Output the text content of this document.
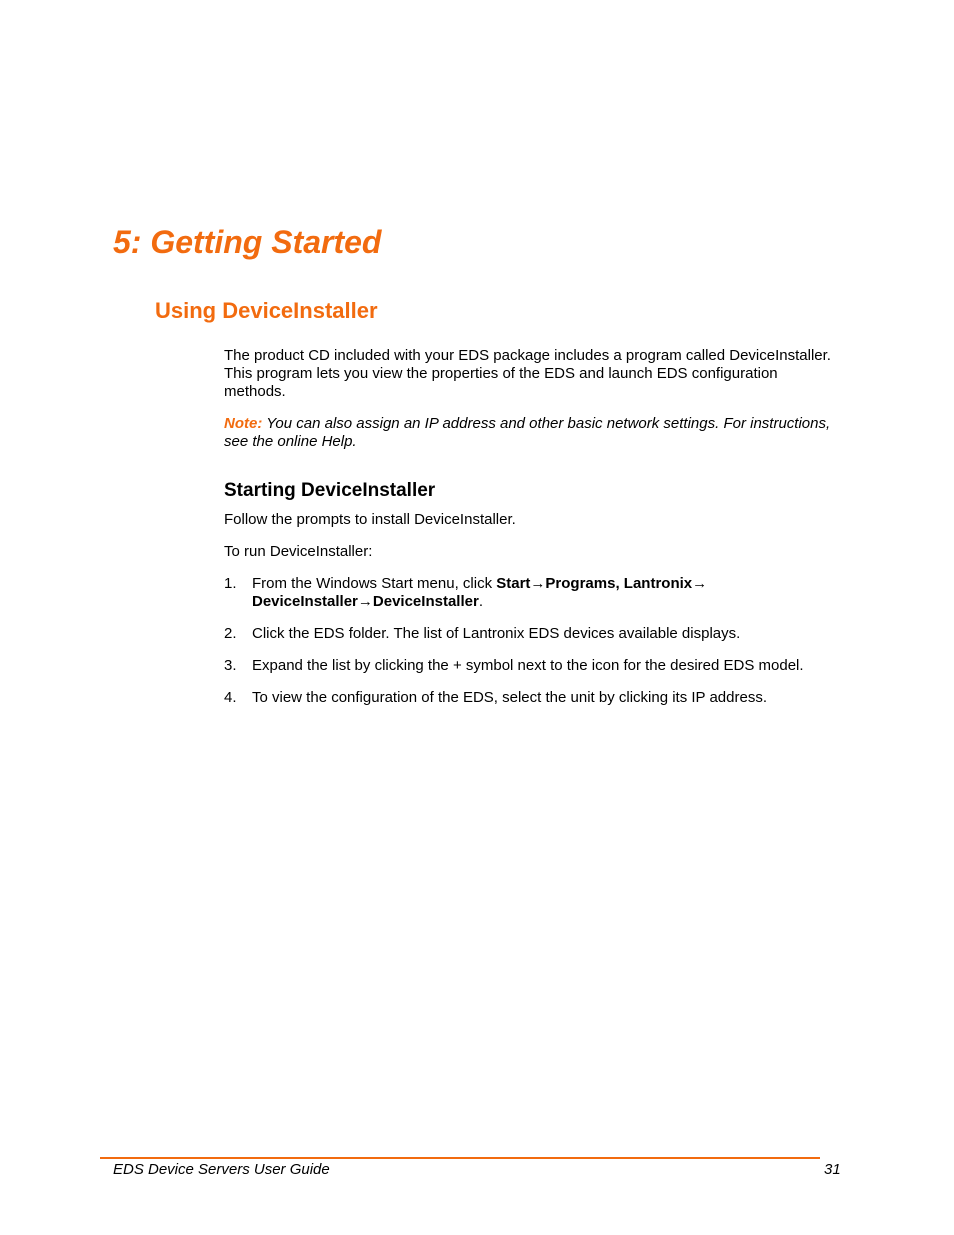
5: Getting Started
Using DeviceInstaller

The product CD included with your EDS package includes a program called DeviceInstaller. This program lets you view the properties of the EDS and launch EDS configuration methods.

Note: You can also assign an IP address and other basic network settings. For instructions, see the online Help.

Starting DeviceInstaller

Follow the prompts to install DeviceInstaller.

To run DeviceInstaller:

1. From the Windows Start menu, click Start→Programs, Lantronix→
DeviceInstaller→DeviceInstaller.
2. Click the EDS folder. The list of Lantronix EDS devices available displays.
3. Expand the list by clicking the + symbol next to the icon for the desired EDS model.
4. To view the configuration of the EDS, select the unit by clicking its IP address.
EDS Device Servers User Guide	31
